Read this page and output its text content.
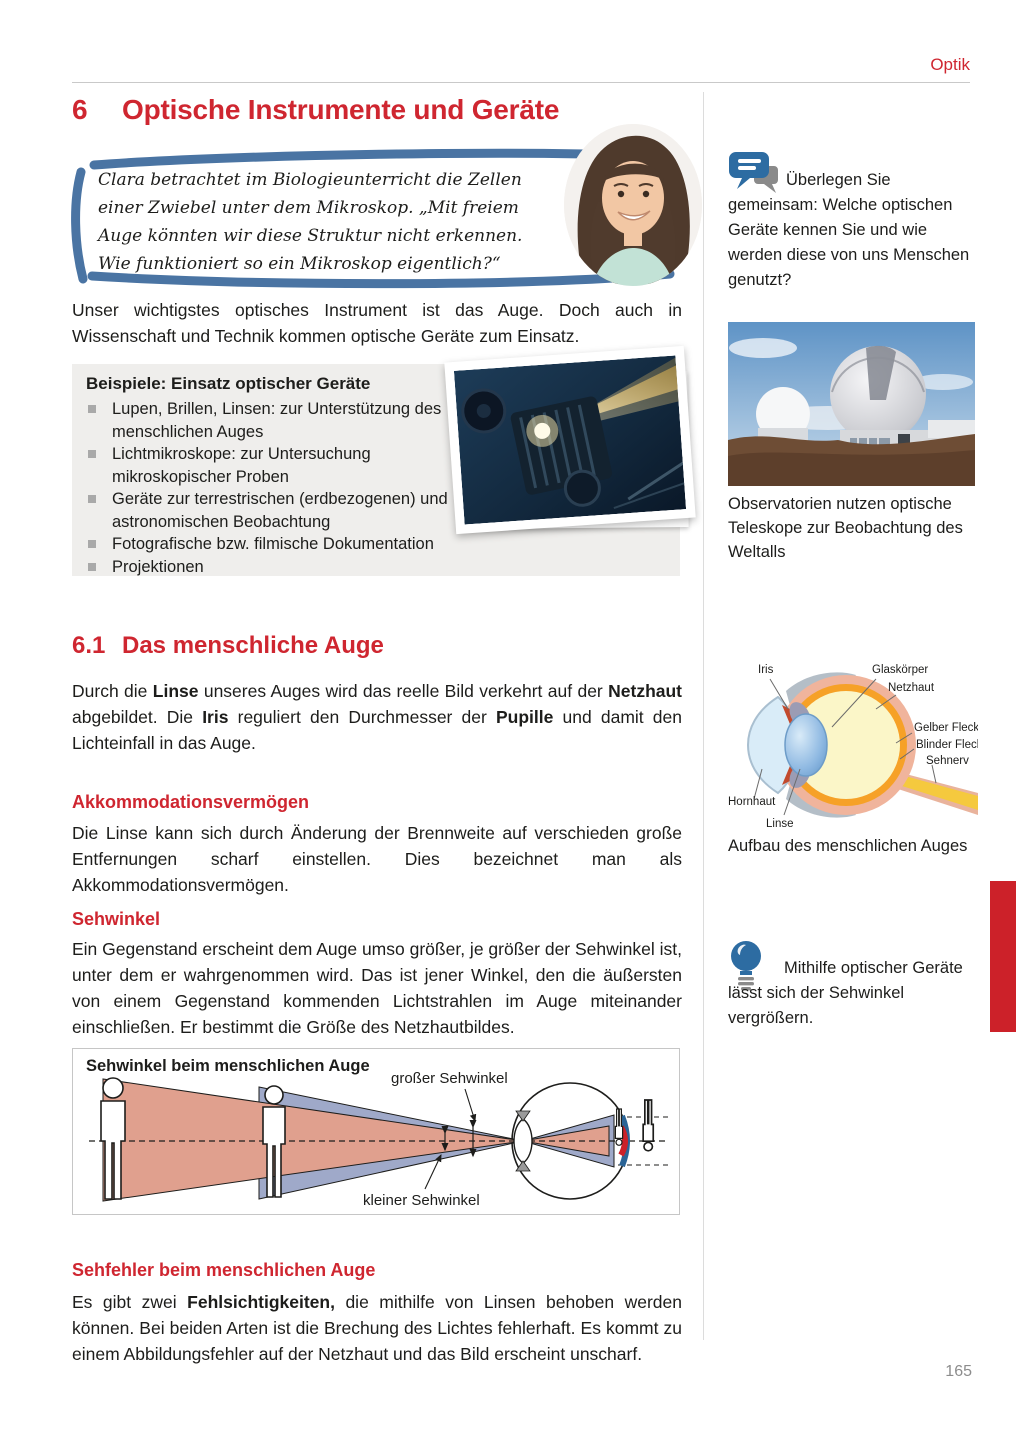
Optik
6	Optische Instrumente und Geräte
Clara betrachtet im Biologieunterricht die Zellen einer Zwiebel unter dem Mikroskop. „Mit freiem Auge könnten wir diese Struktur nicht erkennen. Wie funktioniert so ein Mikroskop eigentlich?“

Überlegen Sie gemeinsam: Welche optischen Geräte kennen Sie und wie werden diese von uns Menschen genutzt?

Unser wichtigstes optisches Instrument ist das Auge. Doch auch in Wissenschaft und Technik kommen optische Geräte zum Einsatz.

Beispiele: Einsatz optischer Geräte
Lupen, Brillen, Linsen: zur Unterstützung des menschlichen Auges
Lichtmikroskope: zur Untersuchung mikroskopischer Proben
Geräte zur terrestrischen (erdbezogenen) und astronomischen Beobachtung
Fotografische bzw. filmische Dokumentation
Projektionen
Observatorien nutzen optische Teleskope zur Beobachtung des Weltalls
6.1 Das menschliche Auge

Durch die Linse unseres Auges wird das reelle Bild verkehrt auf der Netzhaut abgebildet. Die Iris reguliert den Durchmesser der Pupille und damit den Lichteinfall in das Auge.

Akkommodationsvermögen

Die Linse kann sich durch Änderung der Brennweite auf verschieden große Entfernungen scharf einstellen. Dies bezeichnet man als Akkommodationsvermögen.

Iris	Glaskörper
Netzhaut
Gelber Fleck
Blinder Fleck
Sehnerv
Hornhaut
Linse
Aufbau des menschlichen Auges
Sehwinkel

Ein Gegenstand erscheint dem Auge umso größer, je größer der Sehwinkel ist, unter dem er wahrgenommen wird. Das ist jener Winkel, den die äußersten von einem Gegenstand kommenden Lichtstrahlen im Auge miteinander einschließen. Er bestimmt die Größe des Netzhautbildes.

Mithilfe optischer Geräte lässt sich der Sehwinkel vergrößern.

großer Sehwinkel
kleiner Sehwinkel
Sehwinkel beim menschlichen Auge
Sehfehler beim menschlichen Auge

Es gibt zwei Fehlsichtigkeiten, die mithilfe von Linsen behoben werden können. Bei beiden Arten ist die Brechung des Lichtes fehlerhaft. Es kommt zu einem Abbildungsfehler auf der Netzhaut und das Bild erscheint unscharf.

165
